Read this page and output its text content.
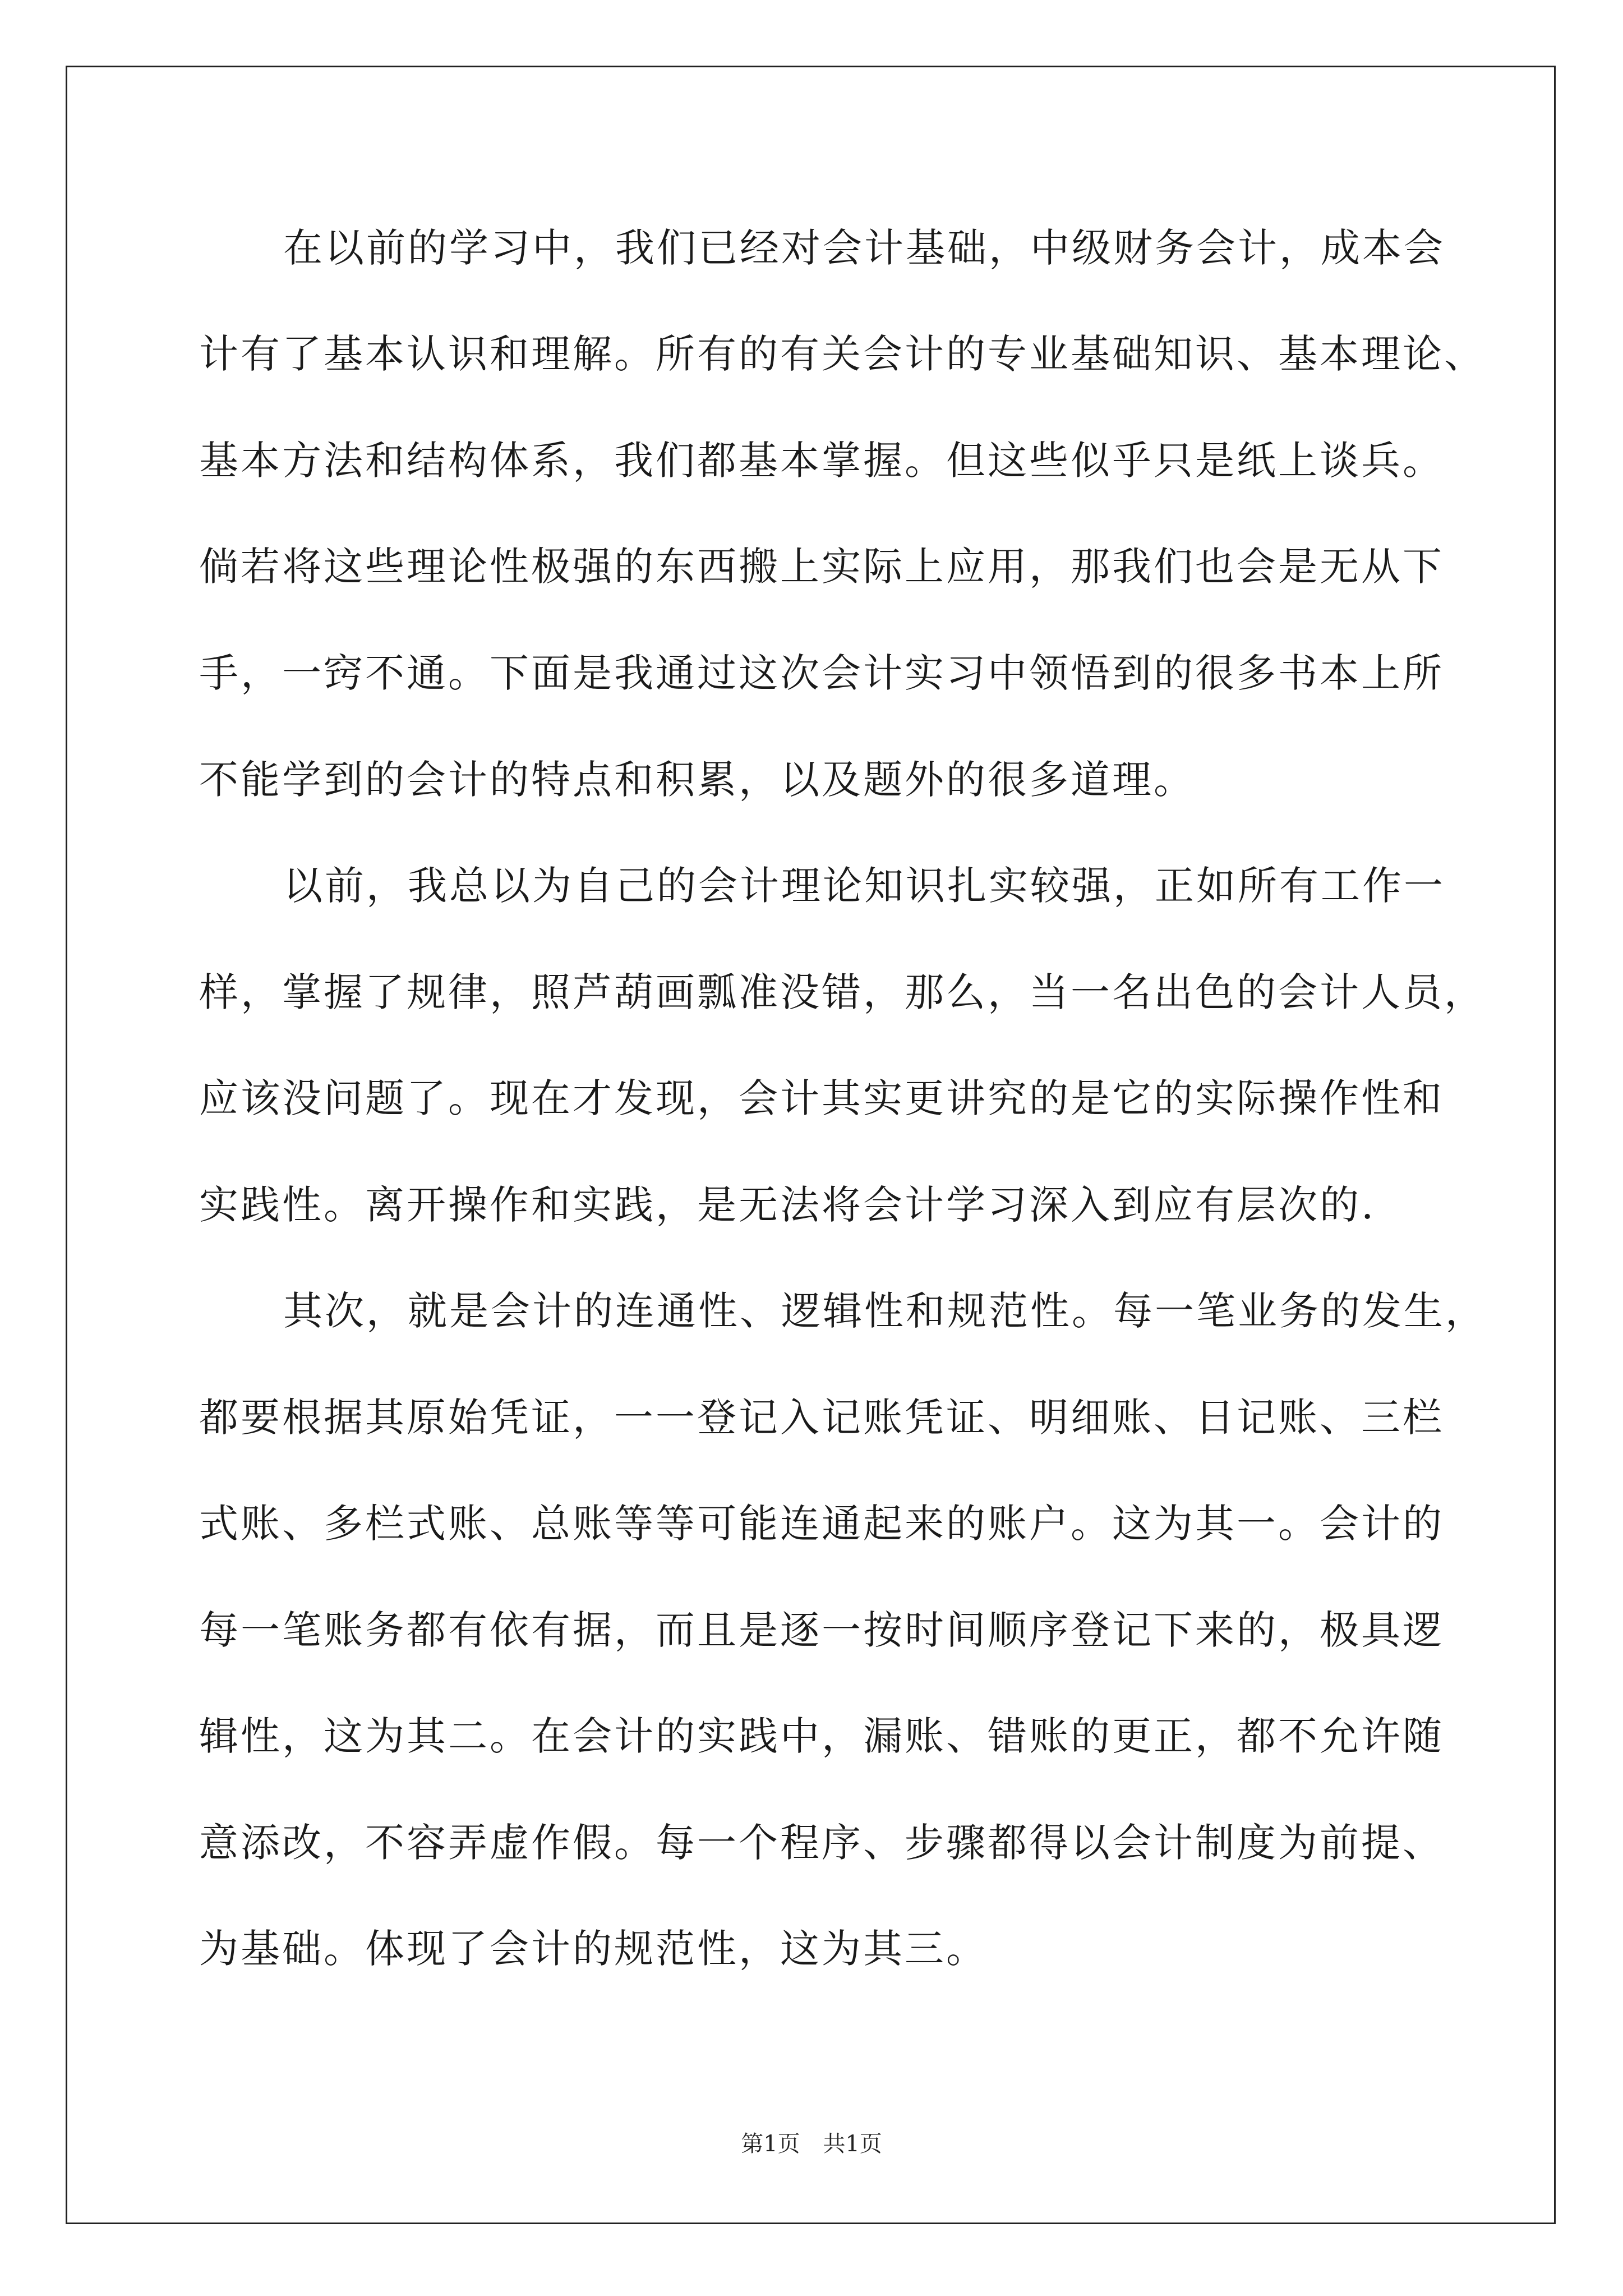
在以前的学习中，我们已经对会计基础，中级财务会计，成本会
计有了基本认识和理解。所有的有关会计的专业基础知识、基本理论、
基本方法和结构体系，我们都基本掌握。但这些似乎只是纸上谈兵。
倘若将这些理论性极强的东西搬上实际上应用，那我们也会是无从下
手，一窍不通。下面是我通过这次会计实习中领悟到的很多书本上所
不能学到的会计的特点和积累，以及题外的很多道理。
以前，我总以为自己的会计理论知识扎实较强，正如所有工作一
样，掌握了规律，照芦葫画瓢准没错，那么，当一名出色的会计人员，
应该没问题了。现在才发现，会计其实更讲究的是它的实际操作性和
实践性。离开操作和实践，是无法将会计学习深入到应有层次的.
其次，就是会计的连通性、逻辑性和规范性。每一笔业务的发生，
都要根据其原始凭证，一一登记入记账凭证、明细账、日记账、三栏
式账、多栏式账、总账等等可能连通起来的账户。这为其一。会计的
每一笔账务都有依有据，而且是逐一按时间顺序登记下来的，极具逻
辑性，这为其二。在会计的实践中，漏账、错账的更正，都不允许随
意添改，不容弄虚作假。每一个程序、步骤都得以会计制度为前提、
为基础。体现了会计的规范性，这为其三。
第1页 共1页
